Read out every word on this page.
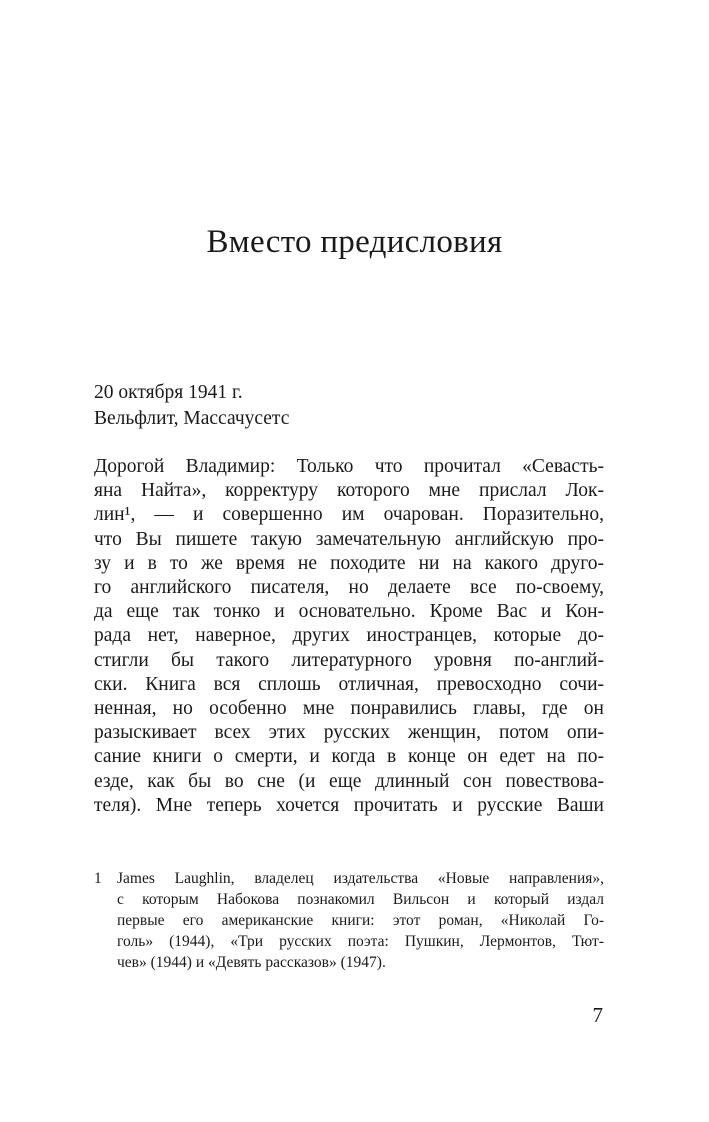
Вместо предисловия
20 октября 1941 г.
Вельфлит, Массачусетс
Дорогой Владимир: Только что прочитал «Севасть-
яна Найта», корректуру которого мне прислал Лок-
лин¹, — и совершенно им очарован. Поразительно,
что Вы пишете такую замечательную английскую про-
зу и в то же время не походите ни на какого друго-
го английского писателя, но делаете все по-своему,
да еще так тонко и основательно. Кроме Вас и Кон-
рада нет, наверное, других иностранцев, которые до-
стигли бы такого литературного уровня по-англий-
ски. Книга вся сплошь отличная, превосходно сочи-
ненная, но особенно мне понравились главы, где он
разыскивает всех этих русских женщин, потом опи-
сание книги о смерти, и когда в конце он едет на по-
езде, как бы во сне (и еще длинный сон повествова-
теля). Мне теперь хочется прочитать и русские Ваши
1 James Laughlin, владелец издательства «Новые направления»,
с которым Набокова познакомил Вильсон и который издал
первые его американские книги: этот роман, «Николай Го-
голь» (1944), «Три русских поэта: Пушкин, Лермонтов, Тют-
чев» (1944) и «Девять рассказов» (1947).
7
